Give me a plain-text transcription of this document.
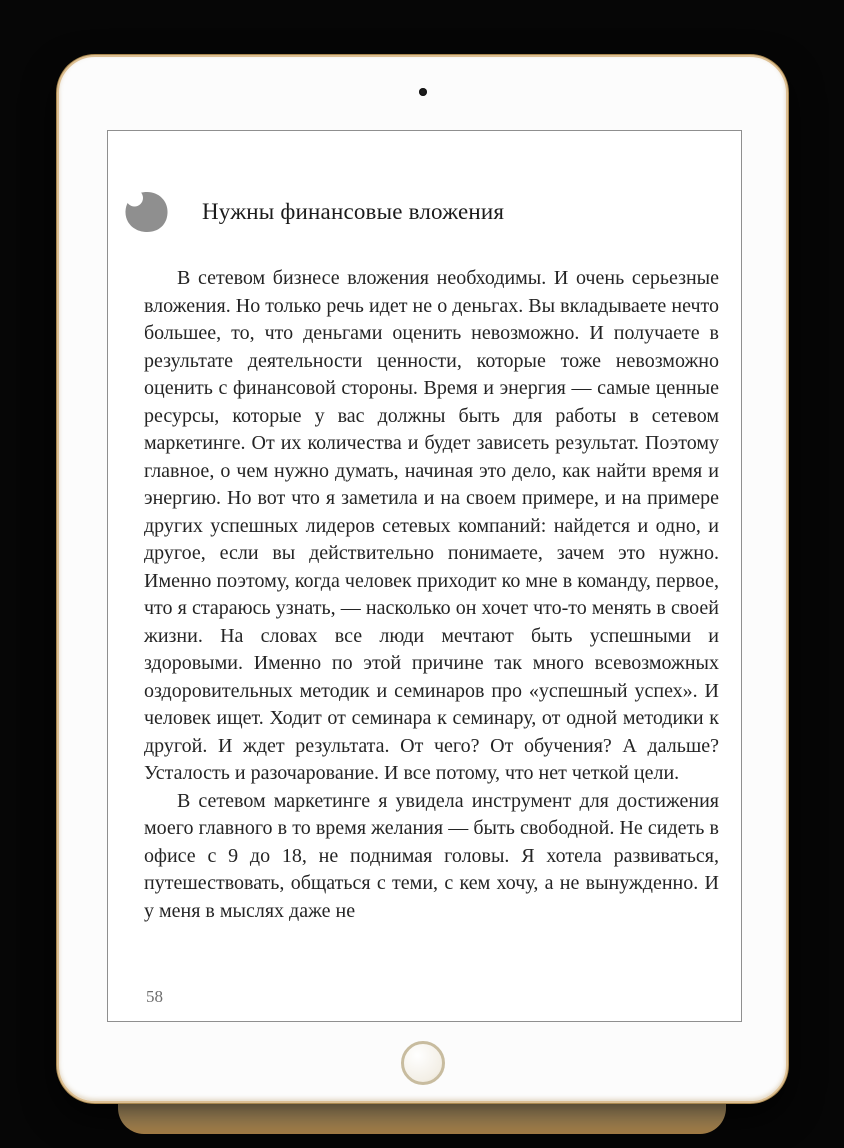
Нужны финансовые вложения

В сетевом бизнесе вложения необходимы. И очень серьезные вложения. Но только речь идет не о деньгах. Вы вкладываете нечто большее, то, что деньгами оценить невозможно. И получаете в результате деятельности ценности, которые тоже невозможно оценить с финансовой стороны. Время и энергия — самые ценные ресурсы, которые у вас должны быть для работы в сетевом маркетинге. От их количества и будет зависеть результат. Поэтому главное, о чем нужно думать, начиная это дело, как найти время и энергию. Но вот что я заметила и на своем примере, и на примере других успешных лидеров сетевых компаний: найдется и одно, и другое, если вы действительно понимаете, зачем это нужно. Именно поэтому, когда человек приходит ко мне в команду, первое, что я стараюсь узнать, — насколько он хочет что-то менять в своей жизни. На словах все люди мечтают быть успешными и здоровыми. Именно по этой причине так много всевозможных оздоровительных методик и семинаров про «успешный успех». И человек ищет. Ходит от семинара к семинару, от одной методики к другой. И ждет результата. От чего? От обучения? А дальше? Усталость и разочарование. И все потому, что нет четкой цели.

В сетевом маркетинге я увидела инструмент для достижения моего главного в то время желания — быть свободной. Не сидеть в офисе с 9 до 18, не поднимая головы. Я хотела развиваться, путешествовать, общаться с теми, с кем хочу, а не вынужденно. И у меня в мыслях даже не

58
